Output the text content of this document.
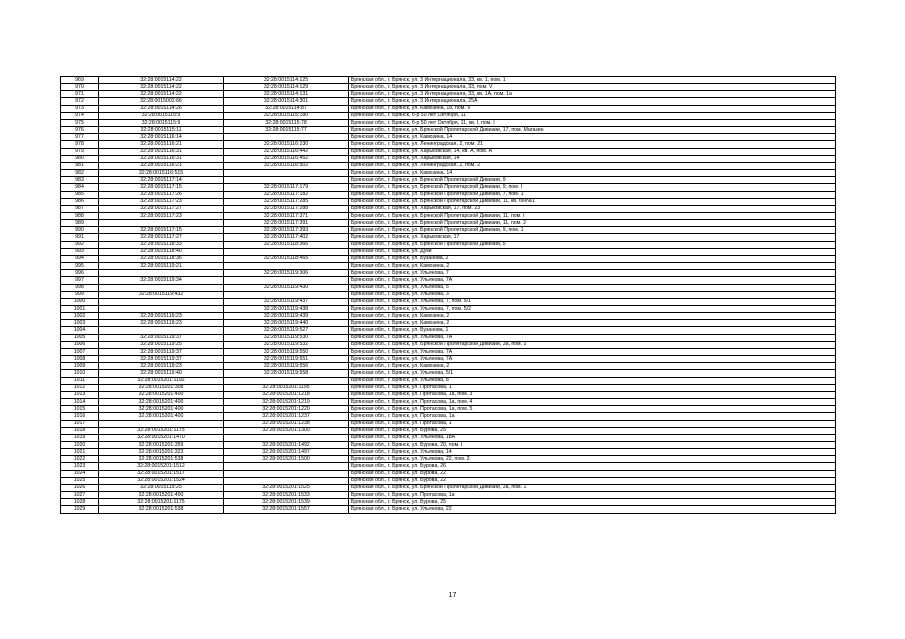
969	32:28:0015114:22	32:28:0015114:125	Брянская обл., г. Брянск, ул. 3 Интернационала, 33, кв. 1, пом. 1
970	32:28:0015114:22	32:28:0015114:129	Брянская обл., г. Брянск, ул. 3 Интернационала, 33, пом. V
971	32:28:0015114:22	32:28:0015114:131	Брянская обл., г. Брянск, ул. 3 Интернационала, 33, кв. 1А, пом. 1а
972	32:28:0015002:66	32:28:0015114:301	Брянская обл., г. Брянск, ул. 3 Интернационала, 25А
973	32:28:0015114:26	32:28:0015114:87	Брянская обл., г. Брянск, ул. Камозина, 18, пом. V
974	32:28:0015115:9	32:28:0015115:180	Брянская обл., г. Брянск, б-р 50 лет Октября, 11
975	32:28:0015115:9	32:28:0015115:78	Брянская обл., г. Брянск, б-р 50 лет Октября, 11, кв. I, пом. I
976	32:28:0015115:11	32:28:0015115:77	Брянская обл., г. Брянск, ул. Брянской Пролетарской Дивизии, 17, пом. Магазин
977	32:28:0015116:14		Брянская обл., г. Брянск, ул. Камозина, 14
978	32:28:0015116:21	32:28:0015116:230	Брянская обл., г. Брянск, ул. Ленинградская, 2, пом. 21
979	32:28:0015116:31	32:28:0015116:442	Брянская обл., г. Брянск, ул. Харьковская, 14, кв. А, пом. А
980	32:28:0015116:31	32:28:0015116:452	Брянская обл., г. Брянск, ул. Харьковская, 14
981	32:28:0015116:21	32:28:0015116:502	Брянская обл., г. Брянск, ул. Ленинградская, 2, пом. 2
982	32:28:0015116:515		Брянская обл., г. Брянск, ул. Камозина, 14
983	32:28:0015117:14		Брянская обл., г. Брянск, ул. Брянской Пролетарской Дивизии, 9
984	32:28:0015117:15	32:28:0015117:179	Брянская обл., г. Брянск, ул. Брянской Пролетарской Дивизии, 9, пом. I
985	32:28:0015117:26	32:28:0015117:182	Брянская обл., г. Брянск, ул. Брянской Пролетарской Дивизии, 7, пом. 1
986	32:28:0015117:23	32:28:0015117:285	Брянская обл., г. Брянск, ул. Брянской Пролетарской Дивизии, 11, кв. б/н№1
987	32:28:0015117:27	32:28:0015117:288	Брянская обл., г. Брянск, ул. Харьковская, 17, пом. 23
988	32:28:0015117:23	32:28:0015117:371	Брянская обл., г. Брянск, ул. Брянской Пролетарской Дивизии, 11, пом. I
989		32:28:0015117:391	Брянская обл., г. Брянск, ул. Брянской Пролетарской Дивизии, 11, пом. 2
990	32:28:0015117:15	32:28:0015117:393	Брянская обл., г. Брянск, ул. Брянской Пролетарской Дивизии, 9, пом. 1
991	32:28:0015117:27	32:28:0015117:402	Брянская обл., г. Брянск, ул. Харьковская, 17
992	32:28:0015118:33	32:28:0015118:366	Брянская обл., г. Брянск, ул. Брянской Пролетарской Дивизии, 5
993	32:28:0015118:40		Брянская обл., г. Брянск, ул. Дуки
994	32:28:0015118:36	32:28:0015118:465	Брянская обл., г. Брянск, ул. Бузанова, 2
995	32:28:0015119:21		Брянская обл., г. Брянск, ул. Камозина, 2
996		32:28:0015119:306	Брянская обл., г. Брянск, ул. Ульянова, 7
997	32:28:0015119:34		Брянская обл., г. Брянск, ул. Ульянова, 7А
998		32:28:0015119:430	Брянская обл., г. Брянск, ул. Ульянова, 5
999	32:28:0015119:432		Брянская обл., г. Брянск, ул. Ульянова, 3
1000		32:28:0015119:437	Брянская обл., г. Брянск, ул. Ульянова, 7, пом. 5/1
1001		32:28:0015119:438	Брянская обл., г. Брянск, ул. Ульянова, 7, пом. 5/2
1002	32:28:0015119:23	32:28:0015119:439	Брянская обл., г. Брянск, ул. Камозина, 2
1003	32:28:0015119:23	32:28:0015119:440	Брянская обл., г. Брянск, ул. Камозина, 2
1004		32:28:0015119:527	Брянская обл., г. Брянск, ул. Бузанова, 1
1005	32:28:0015119:37	32:28:0015119:530	Брянская обл., г. Брянск, ул. Ульянова, 7А
1006	32:28:0015119:25	32:28:0015119:532	Брянская обл., г. Брянск, ул. Брянской Пролетарской Дивизии, 3а, пом. 2
1007	32:28:0015119:37	32:28:0015119:550	Брянская обл., г. Брянск, ул. Ульянова, 7А
1008	32:28:0015119:37	32:28:0015119:551	Брянская обл., г. Брянск, ул. Ульянова, 7А
1009	32:28:0015119:23	32:28:0015119:556	Брянская обл., г. Брянск, ул. Камозина, 2
1010	32:28:0015119:40	32:28:0015119:558	Брянская обл., г. Брянск, ул. Ульянова, 5/1
1011	32:28:0015201:1192		Брянская обл., г. Брянск, ул. Ульянова, 8
1012	32:28:0015201:308	32:28:0015201:1195	Брянская обл., г. Брянск, ул. Протасова, 1
1013	32:28:0015201:400	32:28:0015201:1218	Брянская обл., г. Брянск, ул. Протасова, 1а, пом. 3
1014	32:28:0015201:400	32:28:0015201:1219	Брянская обл., г. Брянск, ул. Протасова, 1а, пом. 4
1015	32:28:0015201:400	32:28:0015201:1220	Брянская обл., г. Брянск, ул. Протасова, 1а, пом. 5
1016	32:28:0015201:400	32:28:0015201:1237	Брянская обл., г. Брянск, ул. Протасова, 1а
1017		32:28:0015201:1238	Брянская обл., г. Брянск, ул. Протасова, 1
1018	32:28:0015201:1175	32:28:0015201:1300	Брянская обл., г. Брянск, ул. Бурова, 25
1019	32:28:0015201:1470		Брянская обл., г. Брянск, ул. Ульянова, 18А
1020	32:28:0015201:359	32:28:0015201:1492	Брянская обл., г. Брянск, ул. Бурова, 20, пом. I
1021	32:28:0015201:323	32:28:0015201:1497	Брянская обл., г. Брянск, ул. Ульянова, 14
1022	32:28:0015201:538	32:28:0015201:1500	Брянская обл., г. Брянск, ул. Ульянова, 22, пом. 3
1023	32:28:0015201:1512		Брянская обл., г. Брянск, ул. Бурова, 26
1024	32:28:0015201:1517		Брянская обл., г. Брянск, ул. Бурова, 22
1025	32:28:0015201:1524		Брянская обл., г. Брянск, ул. Бурова, 22
1026	32:28:0015119:25	32:28:0015201:1525	Брянская обл., г. Брянск, ул. Брянской Пролетарской Дивизии, 3а, пом. 1
1027	32:28:0015201:400	32:28:0015201:1533	Брянская обл., г. Брянск, ул. Протасова, 1а
1028	32:28:0015201:1175	32:28:0015201:1539	Брянская обл., г. Брянск, ул. Бурова, 25
1029	32:28:0015201:538	32:28:0015201:1557	Брянская обл., г. Брянск, ул. Ульянова, 22
17
